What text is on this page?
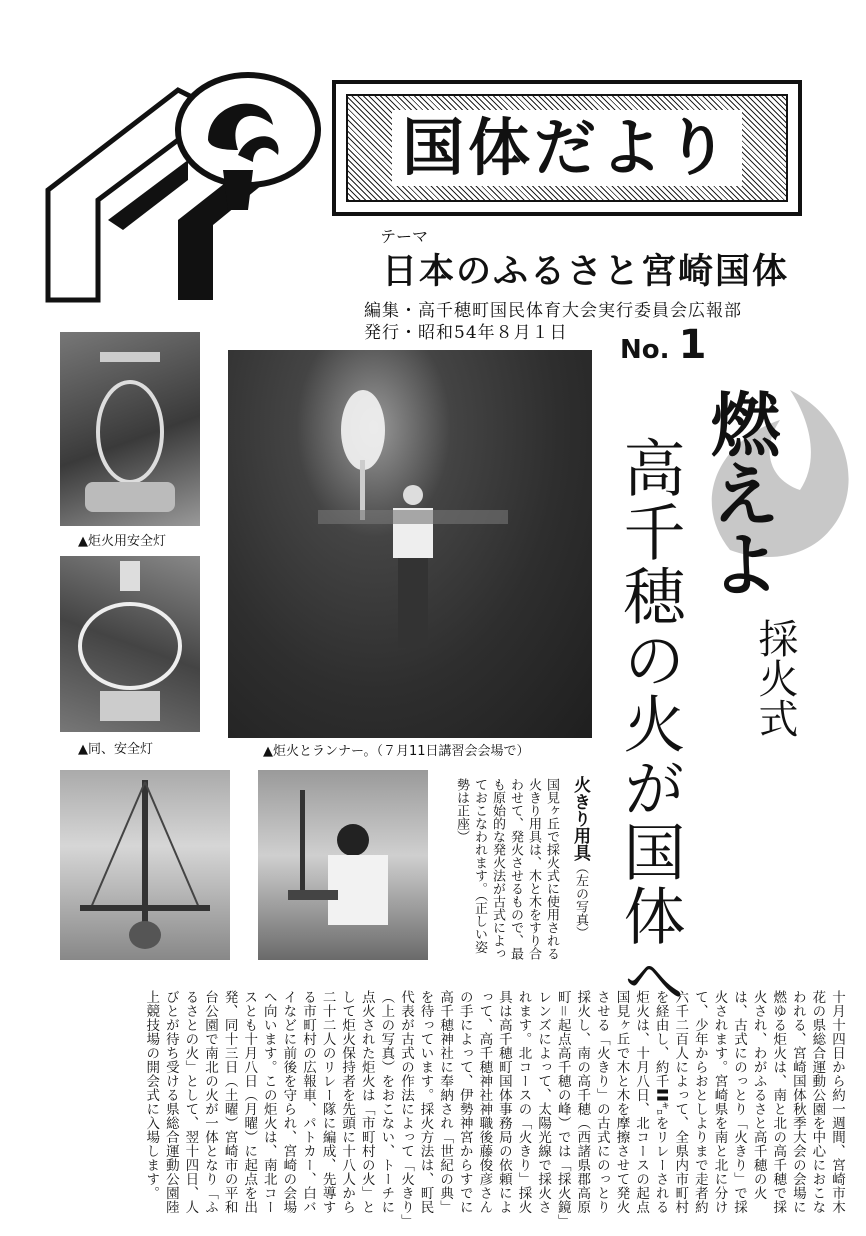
国体だより
テーマ
日本のふるさと宮崎国体
編集・高千穂町国民体育大会実行委員会広報部
発行・昭和54年８月１日
No. 1
▲炬火用安全灯
▲同、安全灯	▲炬火とランナー。（７月11日講習会会場で）
燃えよ
採火式
高千穂の火が国体へ
火きり用具（左の写真）
国見ヶ丘で採火式に使用される火きり用具は、木と木をすり合わせて、発火させるもので、最も原始的な発火法が古式によっておこなわれます。（正しい姿勢は正座）
十月十四日から約一週間、宮崎市木花の県総合運動公園を中心におこなわれる、宮崎国体秋季大会の会場に燃ゆる炬火は、南と北の高千穂で採火され、わがふるさと高千穂の火は、古式にのっとり「火きり」で採火されます。宮崎県を南と北に分けて、少年からおとしよりまで走者約六千二百人によって、全県内市町村を経由し、約千〓㌔をリレーされる炬火は、十月八日、北コースの起点国見ヶ丘で木と木を摩擦させて発火させる「火きり」の古式にのっとり採火し、南の高千穂（西諸県郡高原町＝起点高千穂の峰）では「採火鏡」レンズによって、太陽光線で採火されます。北コースの「火きり」採火具は高千穂町国体事務局の依頼によって、高千穂神社神職後藤俊彦さんの手によって、伊勢神宮からすでに高千穂神社に奉納され「世紀の典」を待っています。採火方法は、町民代表が古式の作法によって「火きり」（上の写真）をおこない、トーチに点火された炬火は「市町村の火」として炬火保持者を先頭に十八人から二十二人のリレー隊に編成、先導する市町村の広報車、パトカー、白バイなどに前後を守られ、宮崎の会場へ向います。この炬火は、南北コースとも十月八日（月曜）に起点を出発、同十三日（土曜）宮崎市の平和台公園で南北の火が一体となり「ふるさとの火」として、翌十四日、人びとが待ち受ける県総合運動公園陸上競技場の開会式に入場します。
